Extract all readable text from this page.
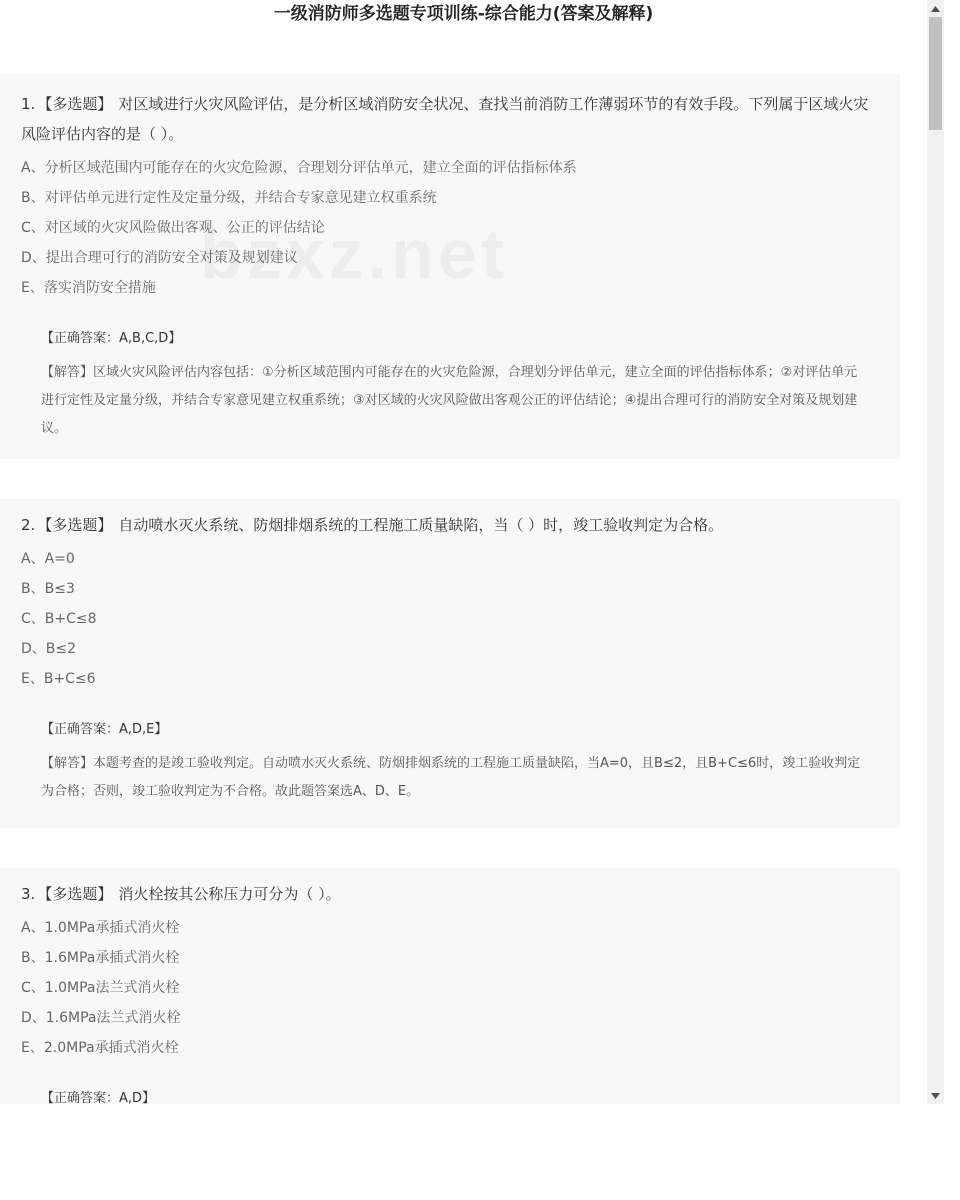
一级消防师多选题专项训练-综合能力(答案及解释)

1. 【多选题】 对区域进行火灾风险评估，是分析区域消防安全状况、查找当前消防工作薄弱环节的有效手段。下列属于区域火灾风险评估内容的是（ ）。

A、分析区域范围内可能存在的火灾危险源，合理划分评估单元，建立全面的评估指标体系
B、对评估单元进行定性及定量分级，并结合专家意见建立权重系统
C、对区域的火灾风险做出客观、公正的评估结论
D、提出合理可行的消防安全对策及规划建议
E、落实消防安全措施
【正确答案：A,B,C,D】
【解答】区域火灾风险评估内容包括：①分析区域范围内可能存在的火灾危险源，合理划分评估单元，建立全面的评估指标体系；②对评估单元进行定性及定量分级，并结合专家意见建立权重系统；③对区域的火灾风险做出客观公正的评估结论；④提出合理可行的消防安全对策及规划建议。

2. 【多选题】 自动喷水灭火系统、防烟排烟系统的工程施工质量缺陷，当（ ）时，竣工验收判定为合格。

A、A=0
B、B≤3
C、B+C≤8
D、B≤2
E、B+C≤6
【正确答案：A,D,E】
【解答】本题考查的是竣工验收判定。自动喷水灭火系统、防烟排烟系统的工程施工质量缺陷，当A=0，且B≤2，且B+C≤6时，竣工验收判定为合格；否则，竣工验收判定为不合格。故此题答案选A、D、E。

3. 【多选题】 消火栓按其公称压力可分为（ ）。

A、1.0MPa承插式消火栓
B、1.6MPa承插式消火栓
C、1.0MPa法兰式消火栓
D、1.6MPa法兰式消火栓
E、2.0MPa承插式消火栓
【正确答案：A,D】
